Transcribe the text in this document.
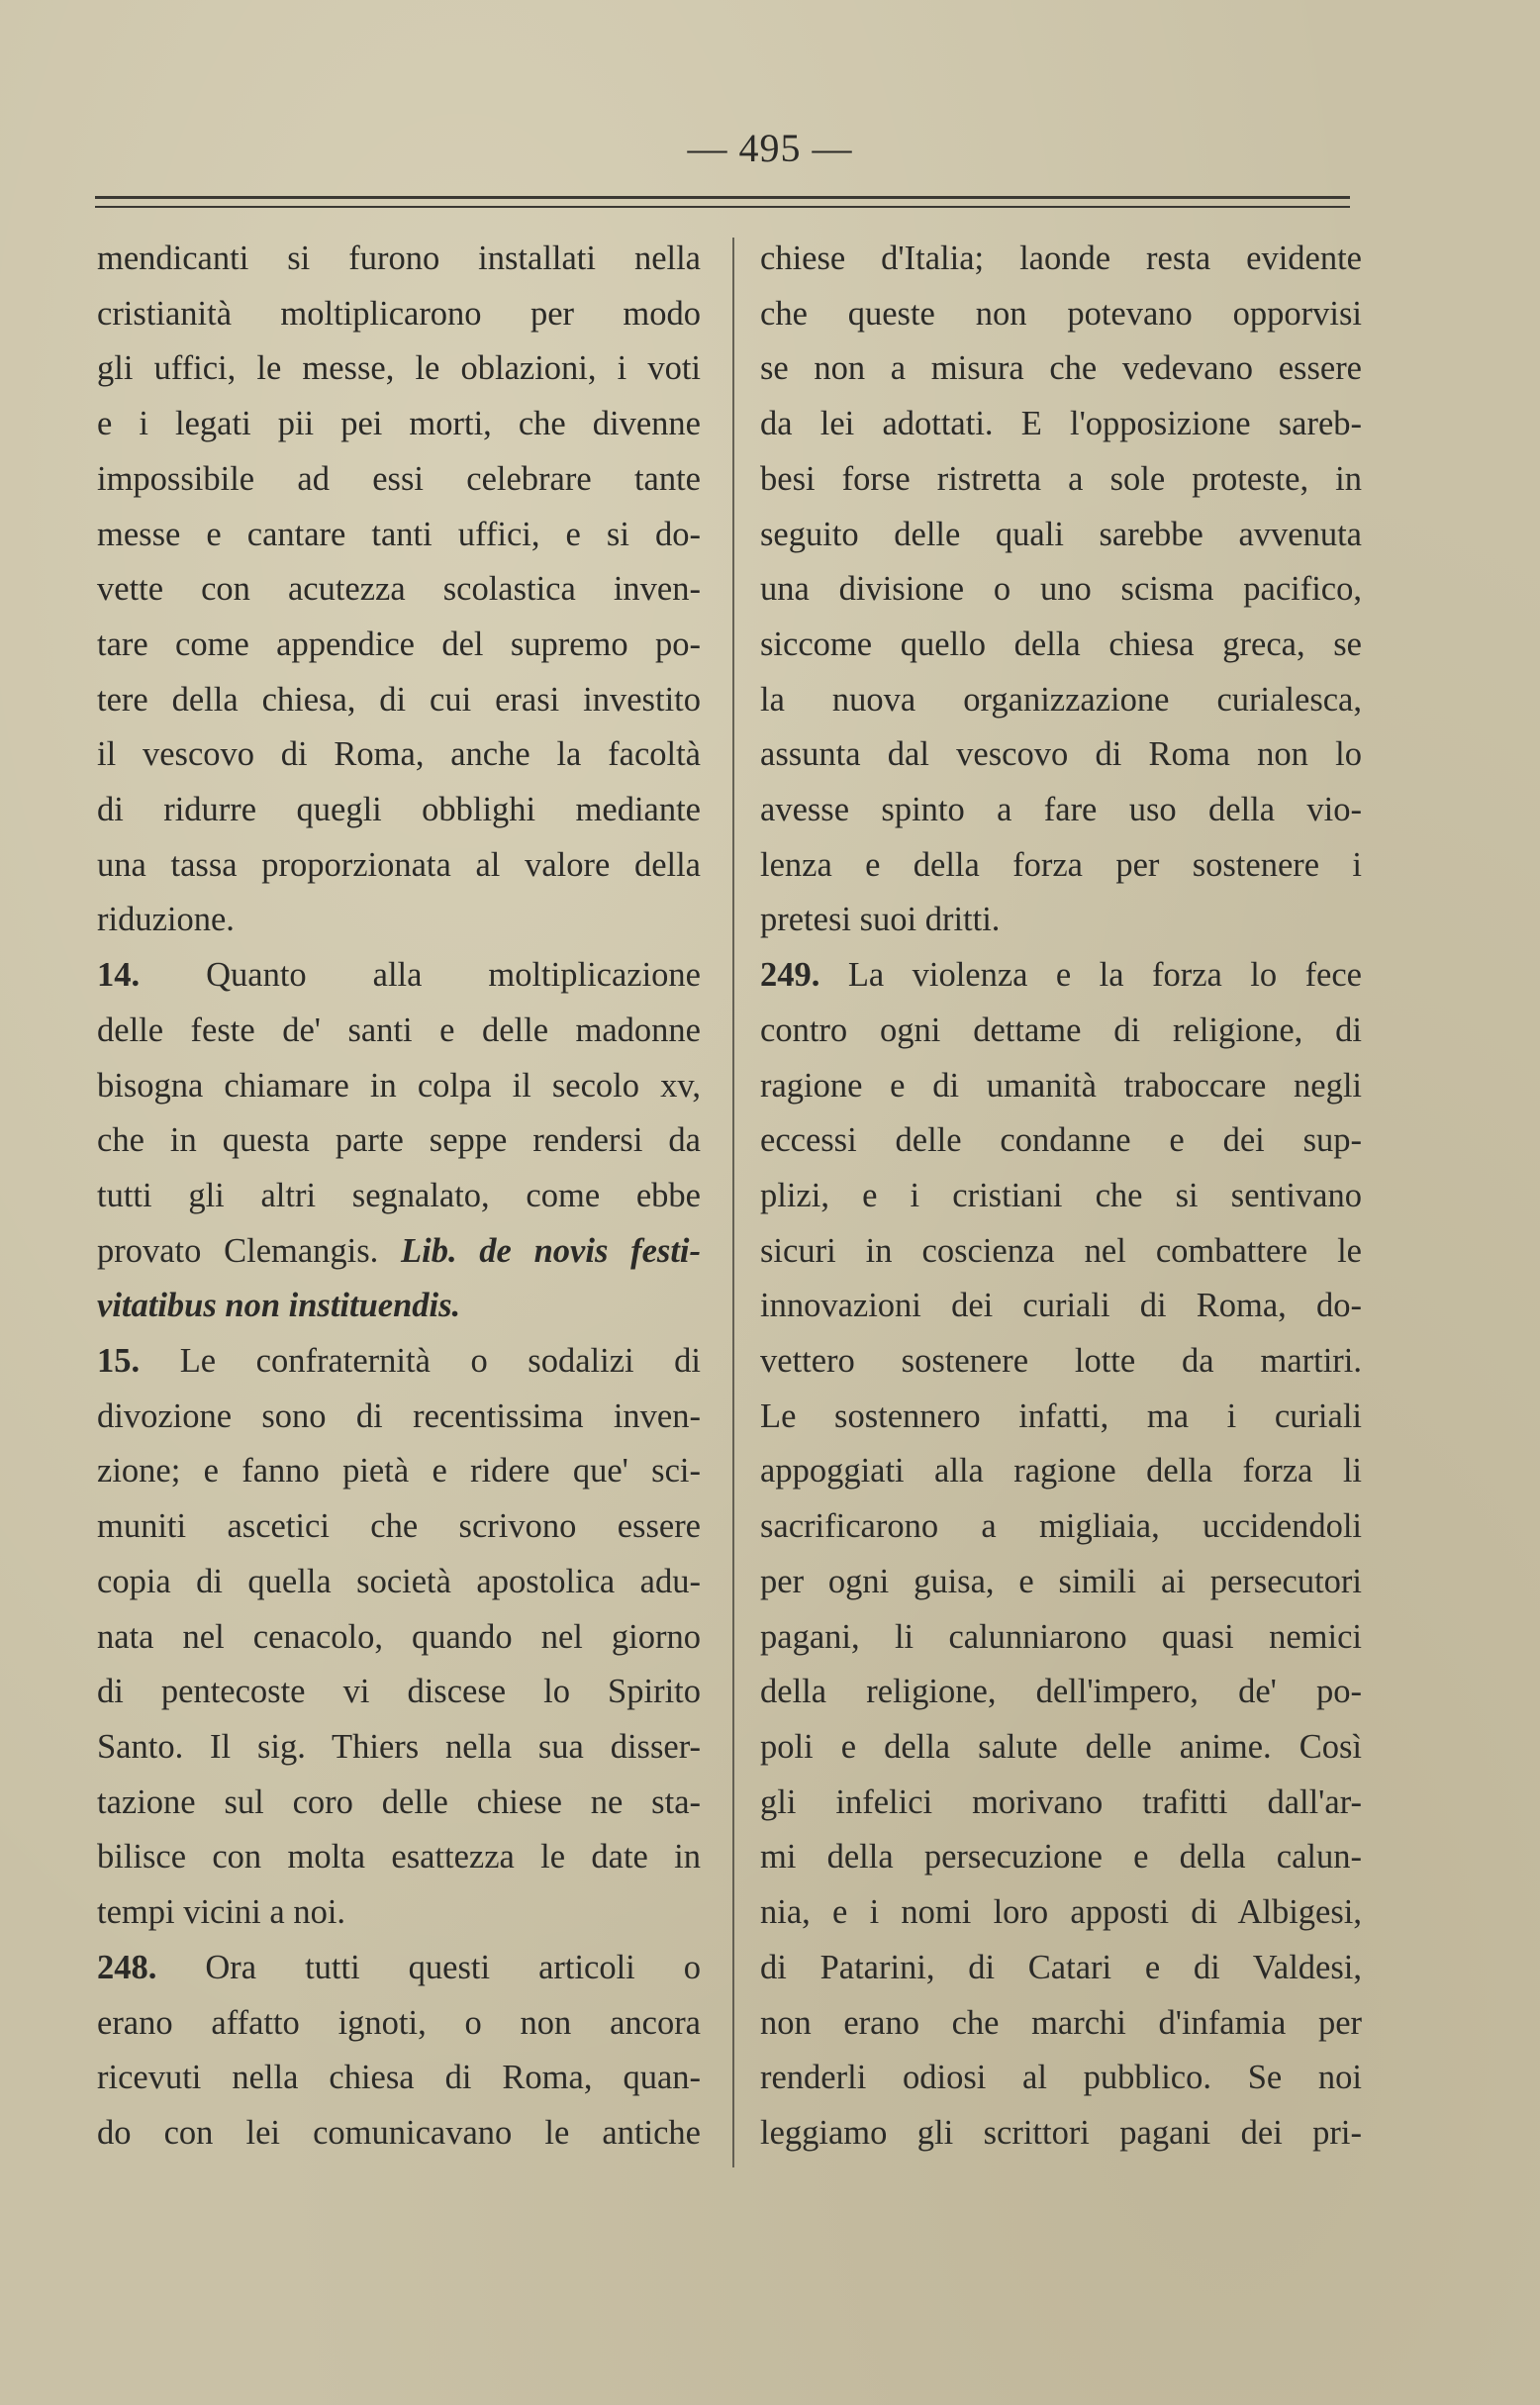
— 495 —
mendicanti si furono installati nella
cristianità moltiplicarono per modo
gli uffici, le messe, le oblazioni, i voti
e i legati pii pei morti, che divenne
impossibile ad essi celebrare tante
messe e cantare tanti uffici, e si do-
vette con acutezza scolastica inven-
tare come appendice del supremo po-
tere della chiesa, di cui erasi investito
il vescovo di Roma, anche la facoltà
di ridurre quegli obblighi mediante
una tassa proporzionata al valore della
riduzione.
14. Quanto alla moltiplicazione
delle feste de' santi e delle madonne
bisogna chiamare in colpa il secolo xv,
che in questa parte seppe rendersi da
tutti gli altri segnalato, come ebbe
provato Clemangis. Lib. de novis festi-
vitatibus non instituendis.
15. Le confraternità o sodalizi di
divozione sono di recentissima inven-
zione; e fanno pietà e ridere que' sci-
muniti ascetici che scrivono essere
copia di quella società apostolica adu-
nata nel cenacolo, quando nel giorno
di pentecoste vi discese lo Spirito
Santo. Il sig. Thiers nella sua disser-
tazione sul coro delle chiese ne sta-
bilisce con molta esattezza le date in
tempi vicini a noi.
248. Ora tutti questi articoli o
erano affatto ignoti, o non ancora
ricevuti nella chiesa di Roma, quan-
do con lei comunicavano le antiche
chiese d'Italia; laonde resta evidente
che queste non potevano opporvisi
se non a misura che vedevano essere
da lei adottati. E l'opposizione sareb-
besi forse ristretta a sole proteste, in
seguito delle quali sarebbe avvenuta
una divisione o uno scisma pacifico,
siccome quello della chiesa greca, se
la nuova organizzazione curialesca,
assunta dal vescovo di Roma non lo
avesse spinto a fare uso della vio-
lenza e della forza per sostenere i
pretesi suoi dritti.
249. La violenza e la forza lo fece
contro ogni dettame di religione, di
ragione e di umanità traboccare negli
eccessi delle condanne e dei sup-
plizi, e i cristiani che si sentivano
sicuri in coscienza nel combattere le
innovazioni dei curiali di Roma, do-
vettero sostenere lotte da martiri.
Le sostennero infatti, ma i curiali
appoggiati alla ragione della forza li
sacrificarono a migliaia, uccidendoli
per ogni guisa, e simili ai persecutori
pagani, li calunniarono quasi nemici
della religione, dell'impero, de' po-
poli e della salute delle anime. Così
gli infelici morivano trafitti dall'ar-
mi della persecuzione e della calun-
nia, e i nomi loro apposti di Albigesi,
di Patarini, di Catari e di Valdesi,
non erano che marchi d'infamia per
renderli odiosi al pubblico. Se noi
leggiamo gli scrittori pagani dei pri-
